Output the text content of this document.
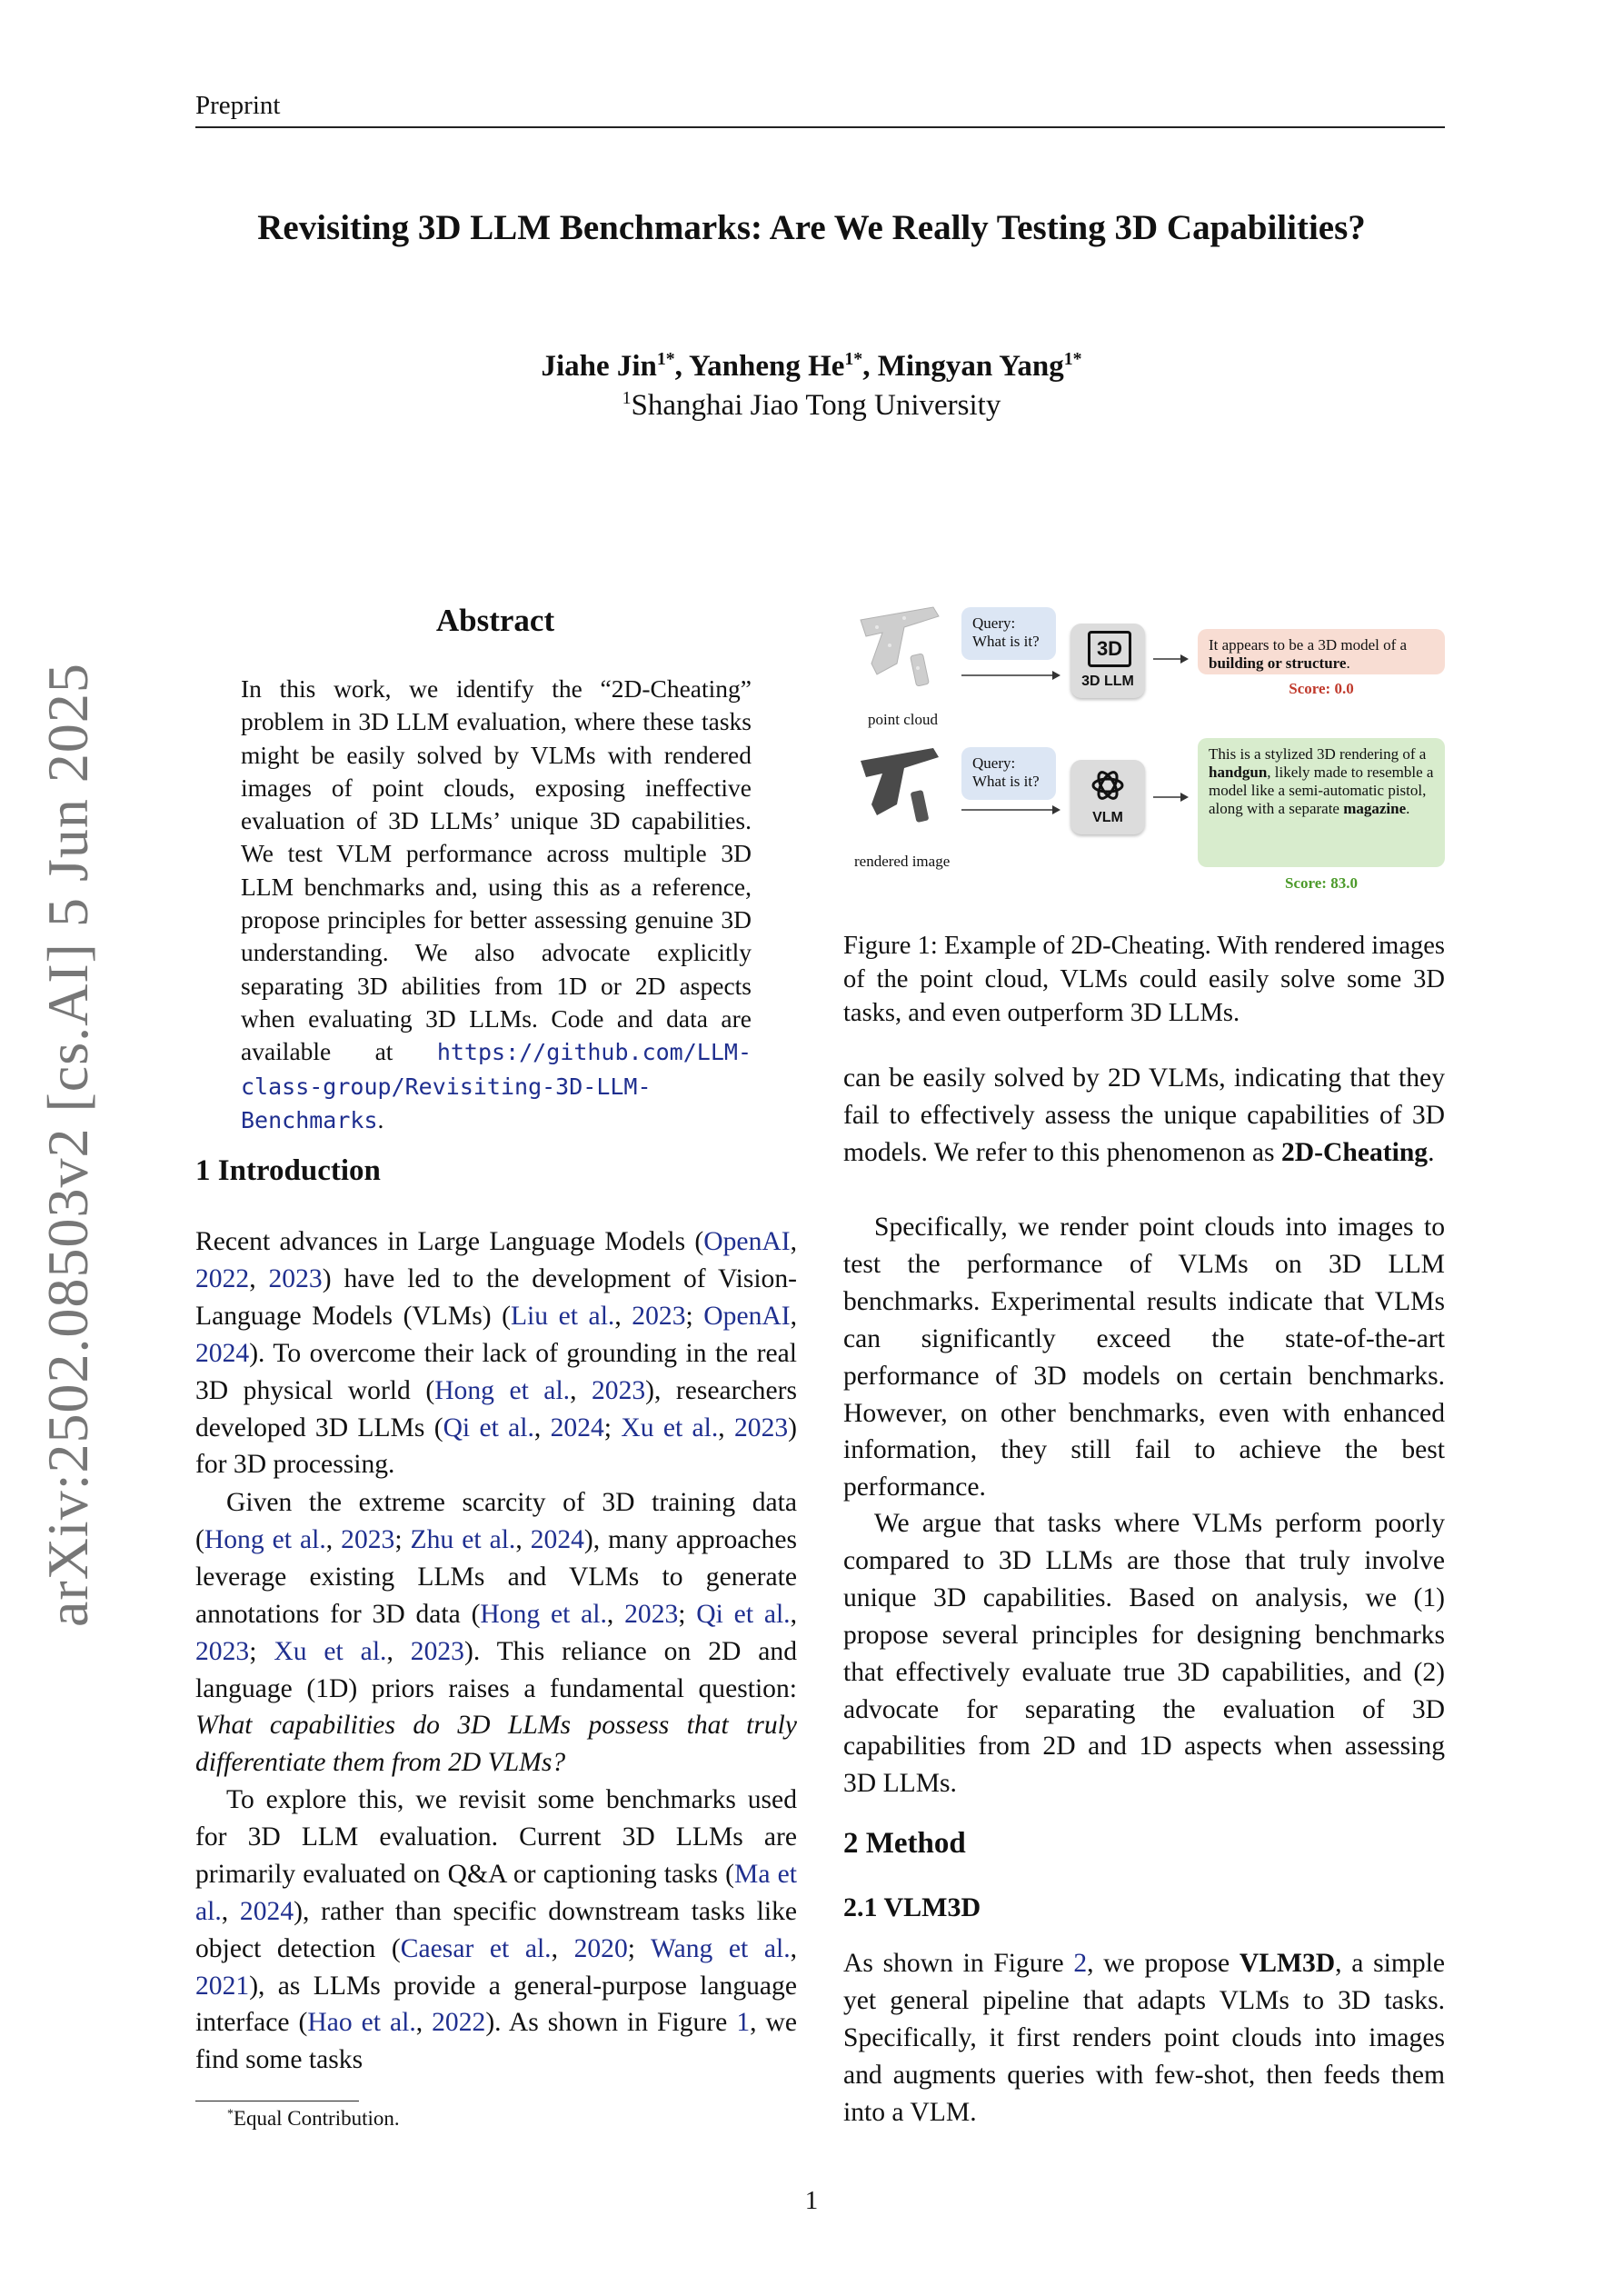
Preprint
Revisiting 3D LLM Benchmarks: Are We Really Testing 3D Capabilities?
Jiahe Jin$^{1*}$, Yanheng $He^{1*}$, Mingyan Yang$^{1*}$
$^1$Shanghai Jiao Tong University
arXiv:2502.08503v2 [cs.AI] 5 Jun 2025
Abstract
In this work, we identify the “2D-Cheating” problem in 3D LLM evaluation, where these tasks might be easily solved by VLMs with rendered images of point clouds, exposing ineffective evaluation of 3D LLMs’ unique 3D capabilities. We test VLM performance across multiple 3D LLM benchmarks and, using this as a reference, propose principles for better assessing genuine 3D understanding. We also advocate explicitly separating 3D abilities from 1D or 2D aspects when evaluating 3D LLMs. Code and data are available at https://github.com/LLM-class-group/Revisiting-3D-LLM-Benchmarks.
1 Introduction
Recent advances in Large Language Models (OpenAI, 2022, 2023) have led to the development of Vision-Language Models (VLMs) (Liu et al., 2023; OpenAI, 2024). To overcome their lack of grounding in the real 3D physical world (Hong et al., 2023), researchers developed 3D LLMs (Qi et al., 2024; Xu et al., 2023) for 3D processing.
Given the extreme scarcity of 3D training data (Hong et al., 2023; Zhu et al., 2024), many approaches leverage existing LLMs and VLMs to generate annotations for 3D data (Hong et al., 2023; Qi et al., 2023; Xu et al., 2023). This reliance on 2D and language (1D) priors raises a fundamental question: What capabilities do 3D LLMs possess that truly differentiate them from 2D VLMs?
To explore this, we revisit some benchmarks used for 3D LLM evaluation. Current 3D LLMs are primarily evaluated on Q&A or captioning tasks (Ma et al., 2024), rather than specific downstream tasks like object detection (Caesar et al., 2020; Wang et al., 2021), as LLMs provide a general-purpose language interface (Hao et al., 2022). As shown in Figure 1, we find some tasks
point cloud
Query:
What is it?	3D
3D LLM
It appears to be a 3D model of a building or structure.
Score: 0.0
rendered image
Query:
What is it?
VLM
This is a stylized 3D rendering of a handgun, likely made to resemble a model like a semi-automatic pistol, along with a separate magazine.
Score: 83.0
Figure 1: Example of 2D-Cheating. With rendered images of the point cloud, VLMs could easily solve some 3D tasks, and even outperform 3D LLMs.
can be easily solved by 2D VLMs, indicating that they fail to effectively assess the unique capabilities of 3D models. We refer to this phenomenon as 2D-Cheating.
Specifically, we render point clouds into images to test the performance of VLMs on 3D LLM benchmarks. Experimental results indicate that VLMs can significantly exceed the state-of-the-art performance of 3D models on certain benchmarks. However, on other benchmarks, even with enhanced information, they still fail to achieve the best performance.
We argue that tasks where VLMs perform poorly compared to 3D LLMs are those that truly involve unique 3D capabilities. Based on analysis, we (1) propose several principles for designing benchmarks that effectively evaluate true 3D capabilities, and (2) advocate for separating the evaluation of 3D capabilities from 2D and 1D aspects when assessing 3D LLMs.
2 Method
2.1 VLM3D
As shown in Figure 2, we propose VLM3D, a simple yet general pipeline that adapts VLMs to 3D tasks. Specifically, it first renders point clouds into images and augments queries with few-shot, then feeds them into a VLM.
*Equal Contribution.
1
